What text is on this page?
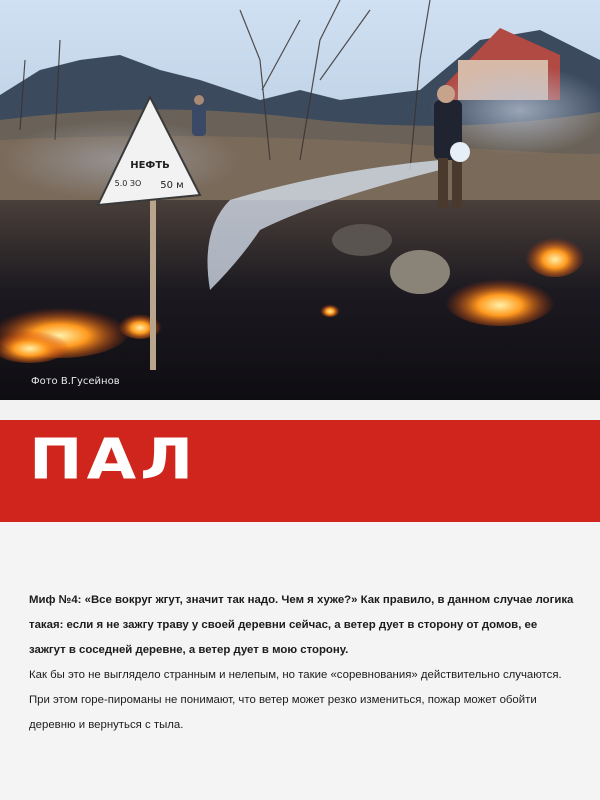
НЕФТЬ
5.0 ЗО 50 м
Фото В.Гусейнов
ПАЛ

Миф №4: «Все вокруг жгут, значит так надо. Чем я хуже?» Как правило, в данном случае логика такая: если я не зажгу траву у своей деревни сейчас, а ветер дует в сторону от домов, ее зажгут в соседней деревне, а ветер дует в мою сторону.

Как бы это не выглядело странным и нелепым, но такие «соревнования» действительно случаются. При этом горе-пироманы не понимают, что ветер может резко измениться, пожар может обойти деревню и вернуться с тыла.
